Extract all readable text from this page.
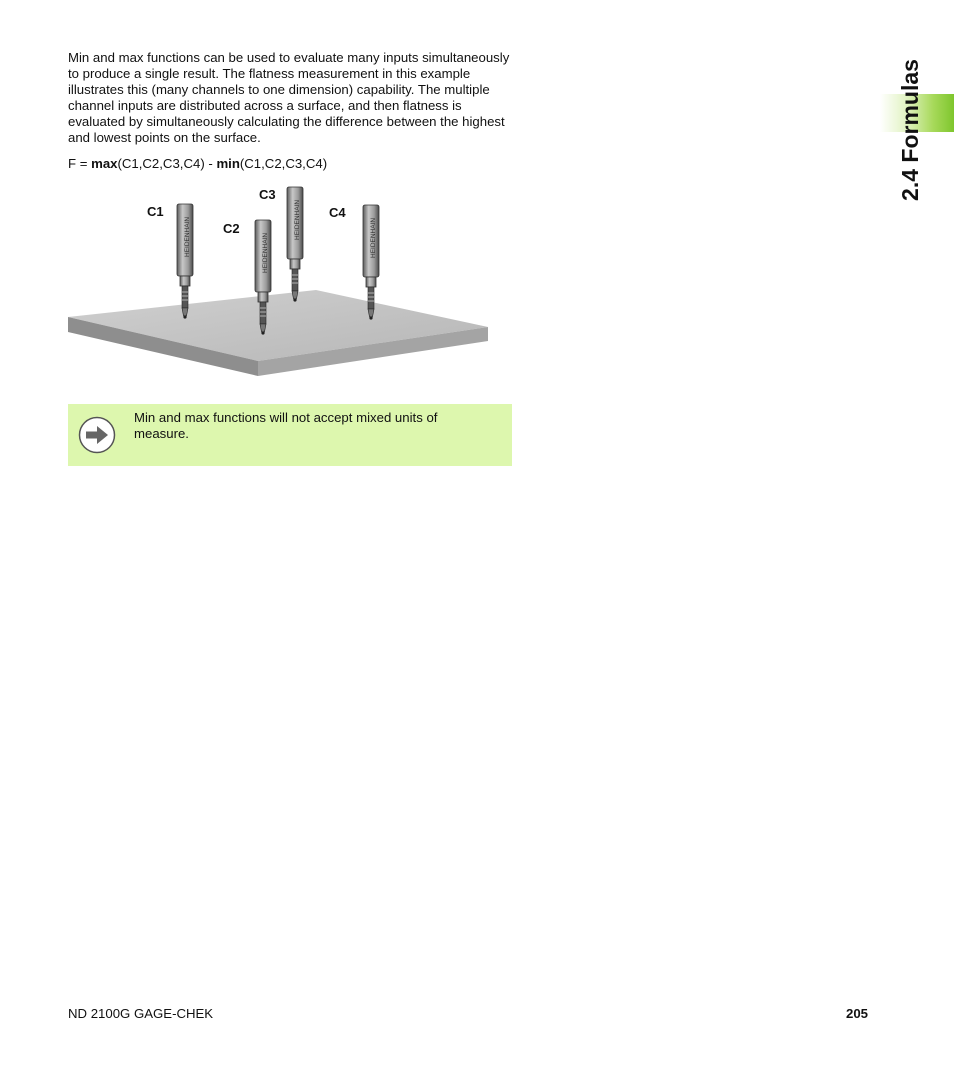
Min and max functions can be used to evaluate many inputs simultaneously to produce a single result. The flatness measurement in this example illustrates this (many channels to one dimension) capability. The multiple channel inputs are distributed across a surface, and then flatness is evaluated by simultaneously calculating the difference between the highest and lowest points on the surface.

F = max(C1,C2,C3,C4) - min(C1,C2,C3,C4)
HEIDENHAIN	HEIDENHAIN
HEIDENHAIN	HEIDENHAIN
C1
C2
C3
C4
Min and max functions will not accept mixed units of measure.
2.4 Formulas
ND 2100G GAGE-CHEK	205
